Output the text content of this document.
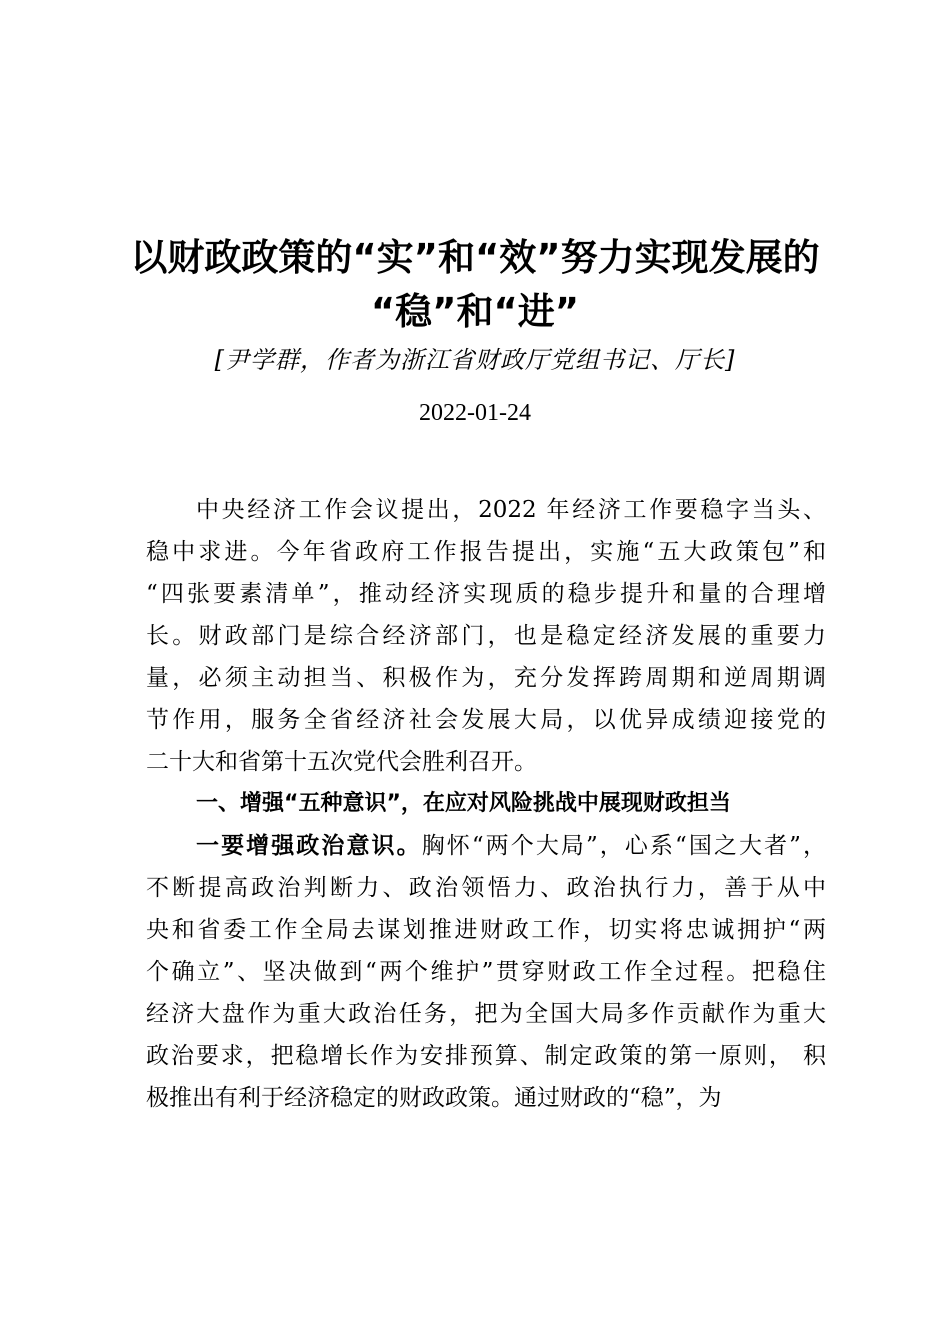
以财政政策的“实”和“效”努力实现发展的
“稳”和“进”
[尹学群，作者为浙江省财政厅党组书记、厅长]
2022-01-24
中央经济工作会议提出，2022 年经济工作要稳字当头、
稳中求进。今年省政府工作报告提出，实施“五大政策包”和
“四张要素清单”，推动经济实现质的稳步提升和量的合理增
长。财政部门是综合经济部门，也是稳定经济发展的重要力
量，必须主动担当、积极作为，充分发挥跨周期和逆周期调
节作用，服务全省经济社会发展大局，以优异成绩迎接党的
二十大和省第十五次党代会胜利召开。
一、增强“五种意识”，在应对风险挑战中展现财政担当
一要增强政治意识。胸怀“两个大局”，心系“国之大者”，
不断提高政治判断力、政治领悟力、政治执行力，善于从中
央和省委工作全局去谋划推进财政工作，切实将忠诚拥护“两
个确立”、坚决做到“两个维护”贯穿财政工作全过程。把稳住
经济大盘作为重大政治任务，把为全国大局多作贡献作为重大
政治要求，把稳增长作为安排预算、制定政策的第一原则， 积
极推出有利于经济稳定的财政政策。通过财政的“稳”，为
